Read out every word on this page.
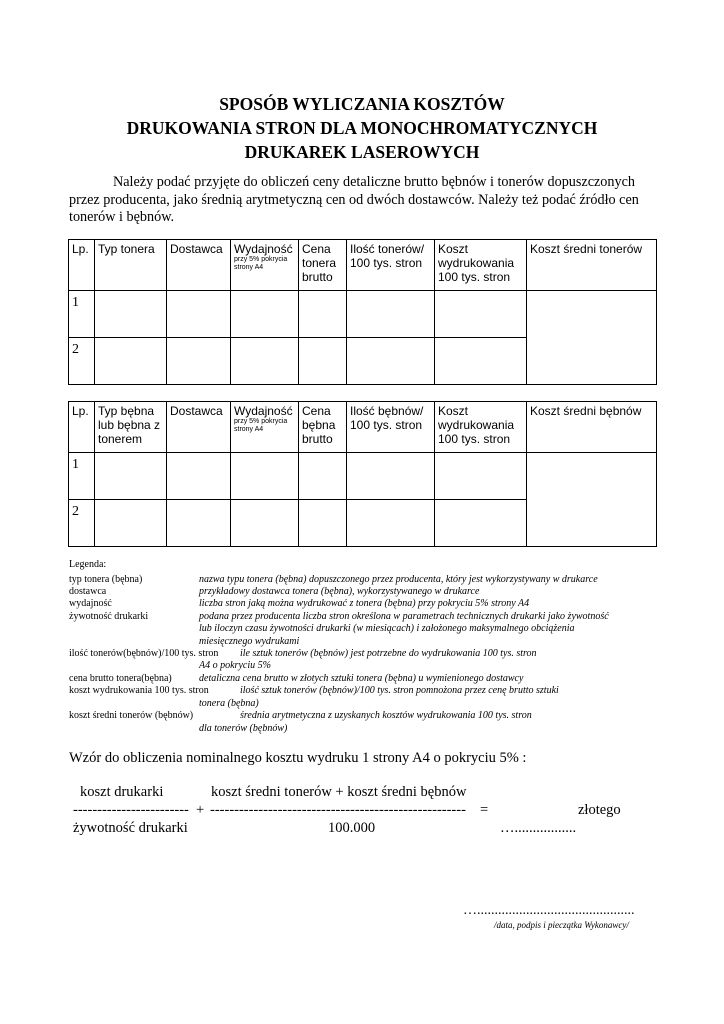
SPOSÓB WYLICZANIA KOSZTÓW
DRUKOWANIA STRON DLA MONOCHROMATYCZNYCH
DRUKAREK LASEROWYCH
Należy podać przyjęte do obliczeń ceny detaliczne brutto bębnów i tonerów dopuszczonych przez producenta, jako średnią arytmetyczną cen od dwóch dostawców. Należy też podać źródło cen tonerów i bębnów.
Lp.	Typ tonera	Dostawca	Wydajność
przy 5% pokrycia strony A4	Cena tonera brutto	Ilość tonerów/ 100 tys. stron	Koszt wydrukowania 100 tys. stron	Koszt średni tonerów
1							
2							
Lp.	Typ bębna lub bębna z tonerem	Dostawca	Wydajność
przy 5% pokrycia strony A4	Cena bębna brutto	Ilość bębnów/ 100 tys. stron	Koszt wydrukowania 100 tys. stron	Koszt średni bębnów
1							
2							
Legenda:
typ tonera (bębna)	nazwa typu tonera (bębna) dopuszczonego przez producenta, który jest wykorzystywany w drukarce
dostawca	przykładowy dostawca tonera (bębna), wykorzystywanego w drukarce
wydajność	liczba stron jaką można wydrukować z tonera (bębna) przy pokryciu 5% strony A4
żywotność drukarki	podana przez producenta liczba stron określona w parametrach technicznych drukarki jako żywotność
lub iloczyn czasu żywotności drukarki (w miesiącach) i założonego maksymalnego obciążenia
miesięcznego wydrukami
ilość tonerów(bębnów)/100 tys. stron ile sztuk tonerów (bębnów) jest potrzebne do wydrukowania 100 tys. stron
A4 o pokryciu 5%
cena brutto tonera(bębna)	detaliczna cena brutto w złotych sztuki tonera (bębna) u wymienionego dostawcy
koszt wydrukowania 100 tys. stron	ilość sztuk tonerów (bębnów)/100 tys. stron pomnożona przez cenę brutto sztuki
tonera (bębna)
koszt średni tonerów (bębnów)	średnia arytmetyczna z uzyskanych kosztów wydrukowania 100 tys. stron
dla tonerów (bębnów)
Wzór do obliczenia nominalnego kosztu wydruku 1 strony A4 o pokryciu 5% :
koszt drukarki	koszt średni tonerów + koszt średni bębnów
------------------------ + ----------------------------------------------------- =	złotego
żywotność drukarki	100.000	….................
….............................................
/data, podpis i pieczątka Wykonawcy/
